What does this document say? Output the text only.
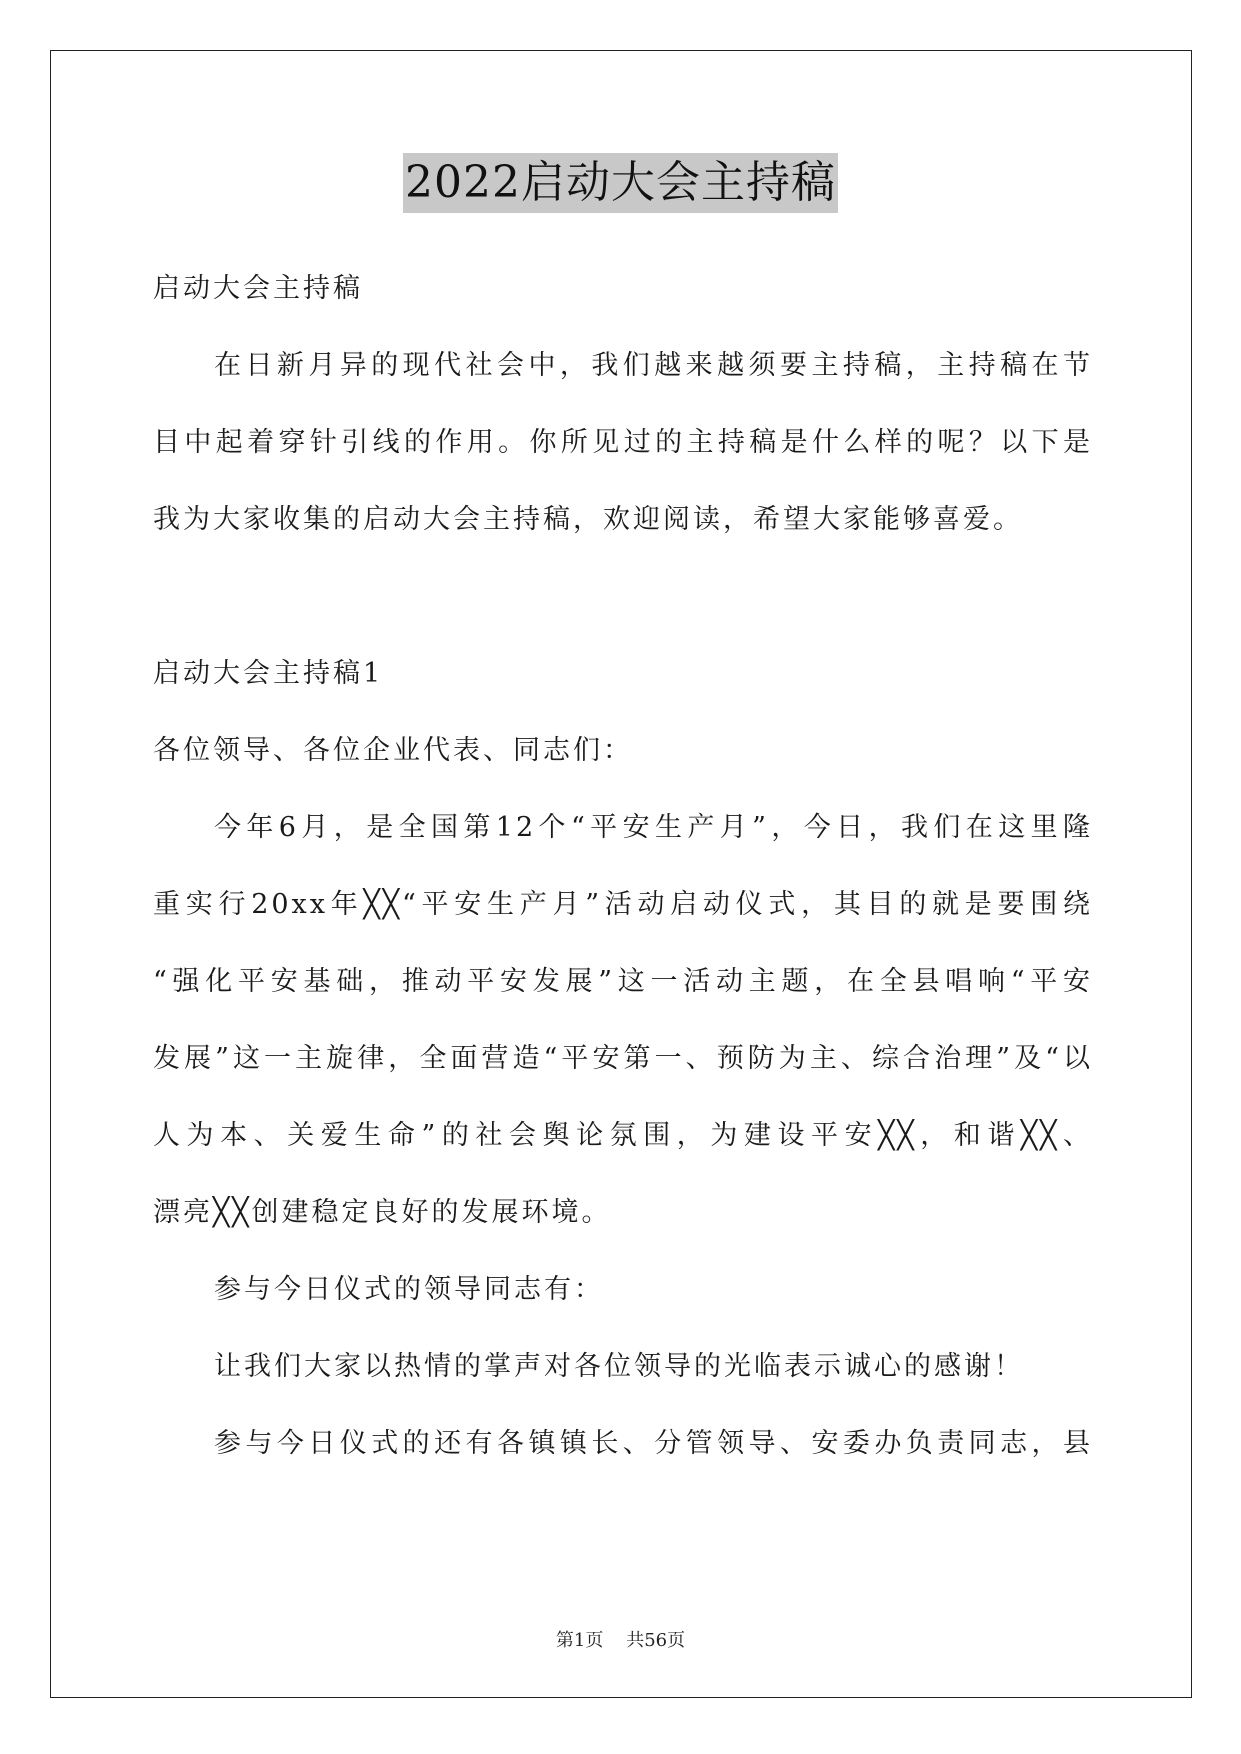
2022启动大会主持稿
启动大会主持稿
在日新月异的现代社会中，我们越来越须要主持稿，主持稿在节
目中起着穿针引线的作用。你所见过的主持稿是什么样的呢？以下是
我为大家收集的启动大会主持稿，欢迎阅读，希望大家能够喜爱。
启动大会主持稿1
各位领导、各位企业代表、同志们：
今年6月，是全国第12个“平安生产月”，今日，我们在这里隆
重实行20xx年╳╳“平安生产月”活动启动仪式，其目的就是要围绕
“强化平安基础，推动平安发展”这一活动主题，在全县唱响“平安
发展”这一主旋律，全面营造“平安第一、预防为主、综合治理”及“以
人为本、关爱生命”的社会舆论氛围，为建设平安╳╳，和谐╳╳、
漂亮╳╳创建稳定良好的发展环境。
参与今日仪式的领导同志有：
让我们大家以热情的掌声对各位领导的光临表示诚心的感谢！
参与今日仪式的还有各镇镇长、分管领导、安委办负责同志，县
第1页 共56页
